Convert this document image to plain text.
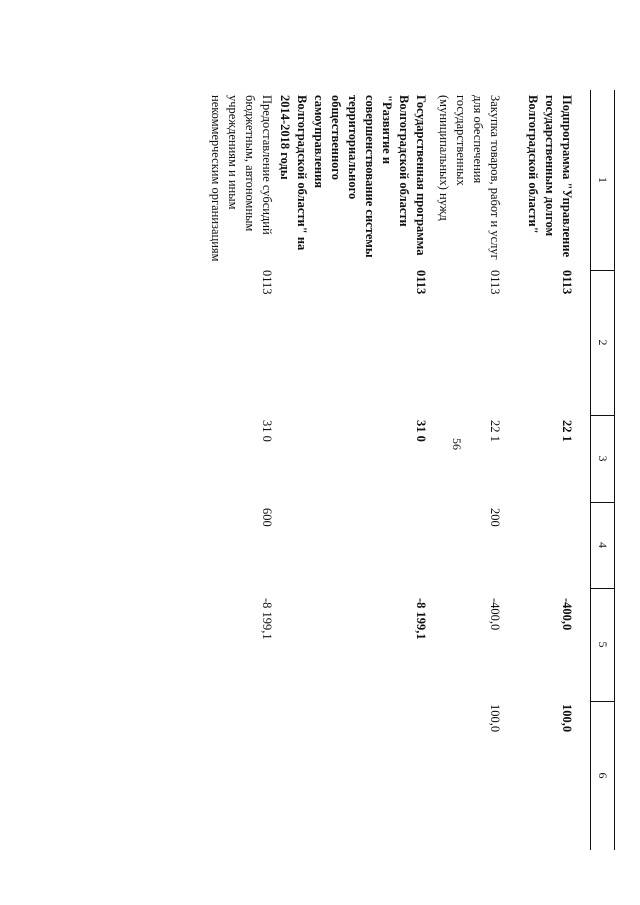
56
1
2
3
4
5
6
Подпрограмма "Управление государственным долгом Волгоградской области"
0113
22 1
-400,0
100,0
Закупка товаров, работ и услуг для обеспечения государственных (муниципальных) нужд
0113
22 1
200
-400,0
100,0
Государственная программа Волгоградской области "Развитие и совершенствование системы территориального общественного самоуправления Волгоградской области" на 2014-2018 годы
0113
31 0
-8 199,1
Предоставление субсидий бюджетным, автономным учреждениям и иным некоммерческим организациям
0113
31 0
600
-8 199,1
